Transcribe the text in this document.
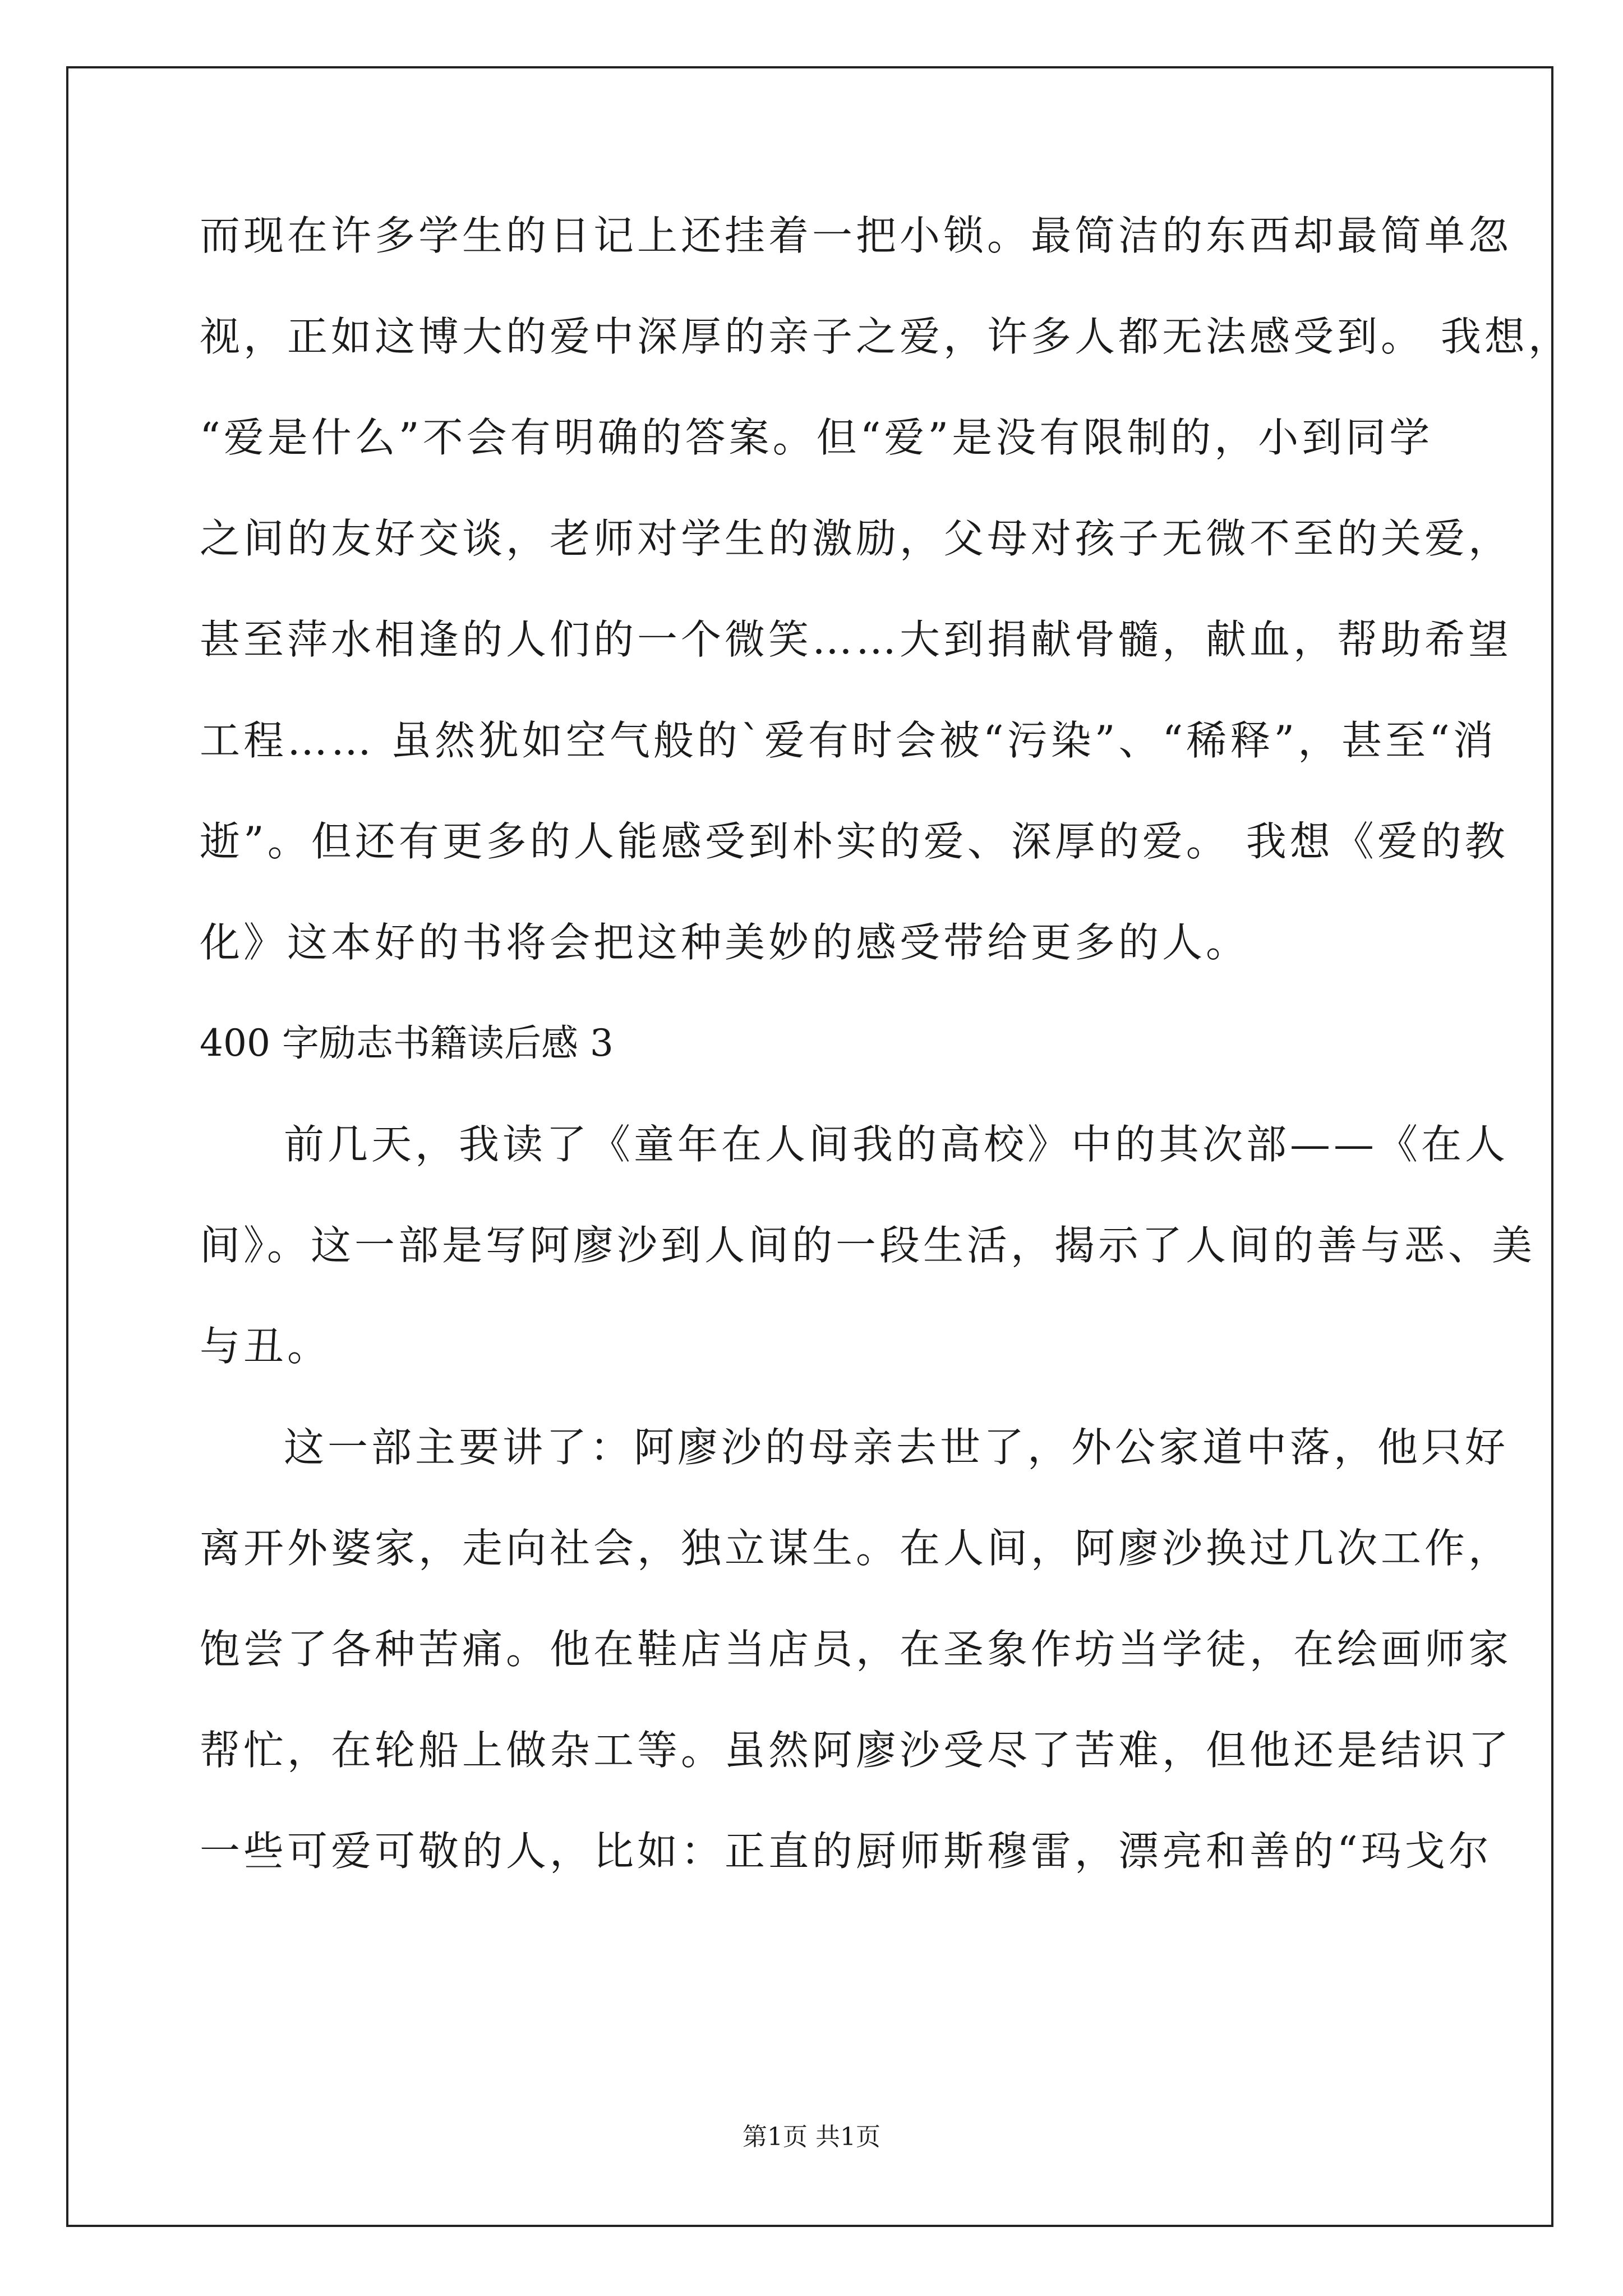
而现在许多学生的日记上还挂着一把小锁。最简洁的东西却最简单忽
视，正如这博大的爱中深厚的亲子之爱，许多人都无法感受到。 我想，
“爱是什么”不会有明确的答案。但“爱”是没有限制的，小到同学
之间的友好交谈，老师对学生的激励，父母对孩子无微不至的关爱，
甚至萍水相逢的人们的一个微笑……大到捐献骨髓，献血，帮助希望
工程…… 虽然犹如空气般的`爱有时会被“污染”、“稀释”，甚至“消
逝”。但还有更多的人能感受到朴实的爱、深厚的爱。 我想《爱的教
化》这本好的书将会把这种美妙的感受带给更多的人。
400 字励志书籍读后感 3
前几天，我读了《童年在人间我的高校》中的其次部——《在人
间》。这一部是写阿廖沙到人间的一段生活，揭示了人间的善与恶、美
与丑。
这一部主要讲了：阿廖沙的母亲去世了，外公家道中落，他只好
离开外婆家，走向社会，独立谋生。在人间，阿廖沙换过几次工作，
饱尝了各种苦痛。他在鞋店当店员，在圣象作坊当学徒，在绘画师家
帮忙，在轮船上做杂工等。虽然阿廖沙受尽了苦难，但他还是结识了
一些可爱可敬的人，比如：正直的厨师斯穆雷，漂亮和善的“玛戈尔
第1页 共1页
